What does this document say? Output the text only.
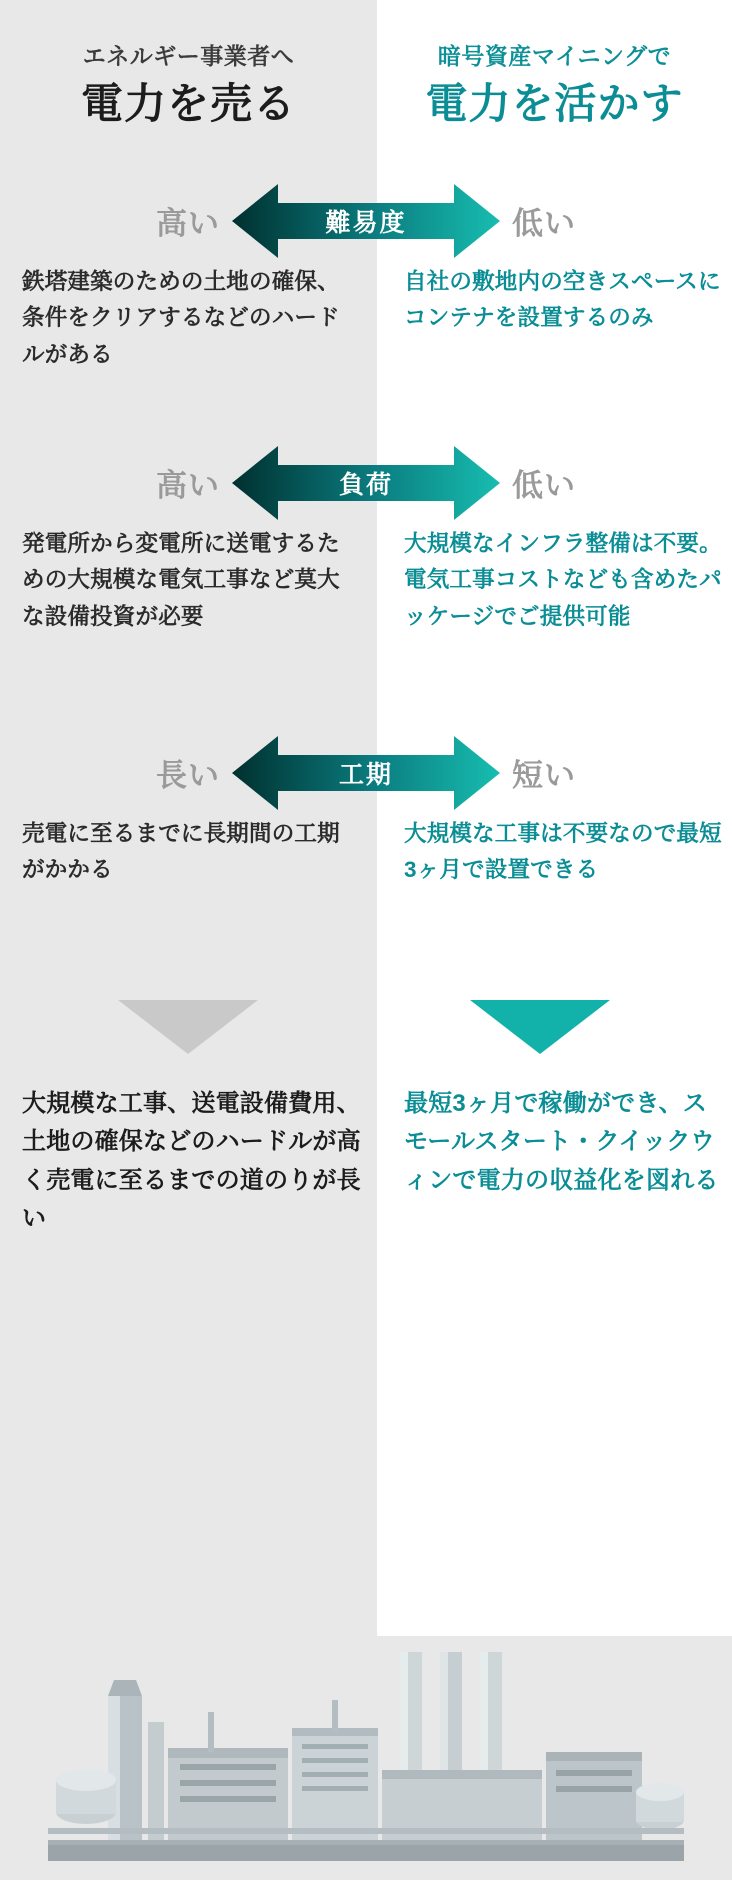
エネルギー事業者へ
電力を売る
暗号資産マイニングで
電力を活かす
高い	低い
難易度
鉄塔建築のための土地の確保、条件をクリアするなどのハードルがある
自社の敷地内の空きスペースにコンテナを設置するのみ
高い	低い
負荷
発電所から変電所に送電するための大規模な電気工事など莫大な設備投資が必要
大規模なインフラ整備は不要。電気工事コストなども含めたパッケージでご提供可能
長い	短い
工期
売電に至るまでに長期間の工期がかかる
大規模な工事は不要なので最短3ヶ月で設置できる
大規模な工事、送電設備費用、土地の確保などのハードルが高く売電に至るまでの道のりが長い
最短3ヶ月で稼働ができ、スモールスタート・クイックウィンで電力の収益化を図れる
